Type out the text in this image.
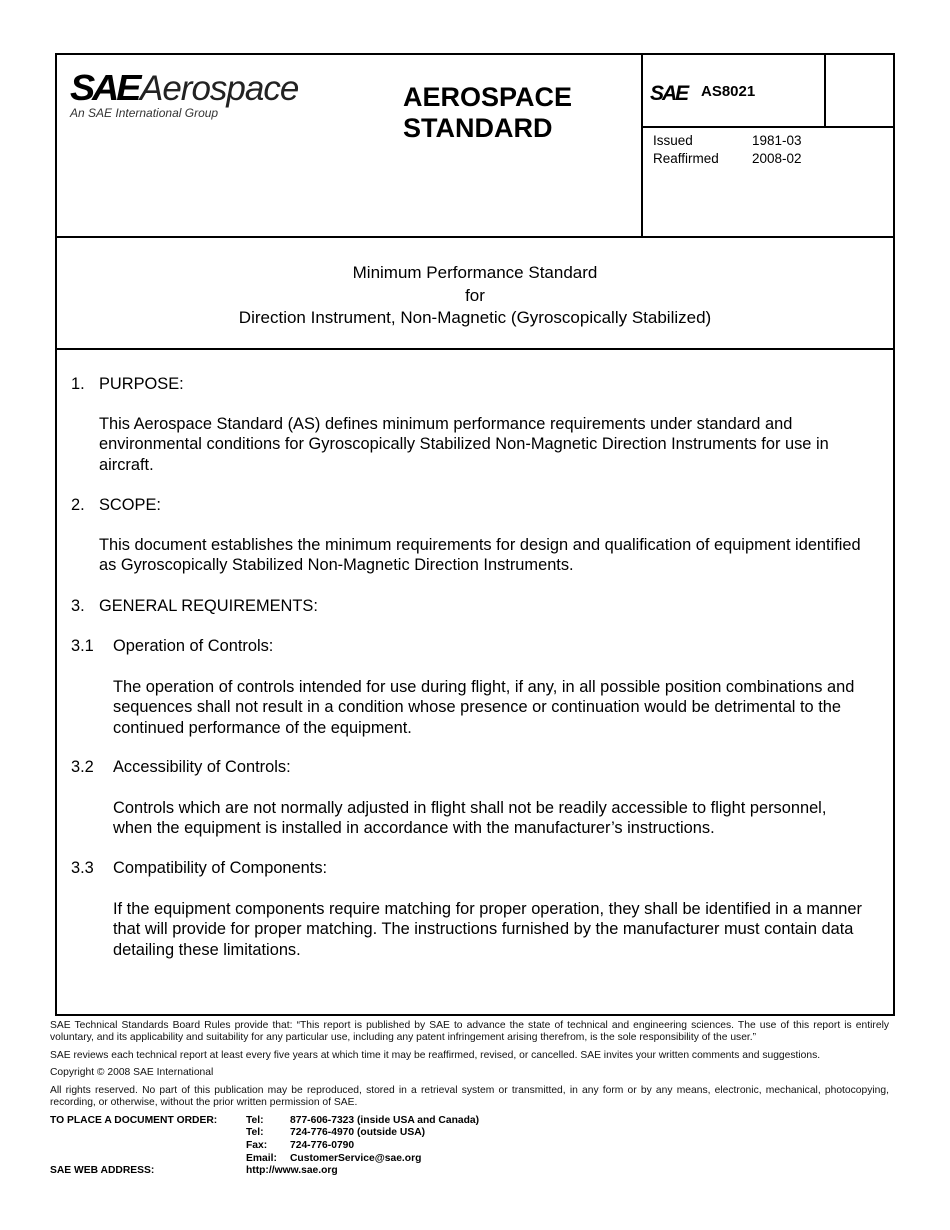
SAE Aerospace
An SAE International Group
AEROSPACE
STANDARD
SAE AS8021
Issued	1981-03
Reaffirmed 2008-02
Minimum Performance Standard
for
Direction Instrument, Non-Magnetic (Gyroscopically Stabilized)
1. PURPOSE:
This Aerospace Standard (AS) defines minimum performance requirements under standard and environmental conditions for Gyroscopically Stabilized Non-Magnetic Direction Instruments for use in aircraft.
2. SCOPE:
This document establishes the minimum requirements for design and qualification of equipment identified as Gyroscopically Stabilized Non-Magnetic Direction Instruments.
3. GENERAL REQUIREMENTS:
3.1 Operation of Controls:
The operation of controls intended for use during flight, if any, in all possible position combinations and sequences shall not result in a condition whose presence or continuation would be detrimental to the continued performance of the equipment.
3.2 Accessibility of Controls:
Controls which are not normally adjusted in flight shall not be readily accessible to flight personnel, when the equipment is installed in accordance with the manufacturer’s instructions.
3.3 Compatibility of Components:
If the equipment components require matching for proper operation, they shall be identified in a manner that will provide for proper matching. The instructions furnished by the manufacturer must contain data detailing these limitations.
SAE Technical Standards Board Rules provide that: “This report is published by SAE to advance the state of technical and engineering sciences. The use of this report is entirely voluntary, and its applicability and suitability for any particular use, including any patent infringement arising therefrom, is the sole responsibility of the user.”
SAE reviews each technical report at least every five years at which time it may be reaffirmed, revised, or cancelled. SAE invites your written comments and suggestions.
Copyright © 2008 SAE International
All rights reserved. No part of this publication may be reproduced, stored in a retrieval system or transmitted, in any form or by any means, electronic, mechanical, photocopying, recording, or otherwise, without the prior written permission of SAE.
TO PLACE A DOCUMENT ORDER:	Tel:	877-606-7323 (inside USA and Canada)
Tel:	724-776-4970 (outside USA)
Fax: 724-776-0790
Email: CustomerService@sae.org
SAE WEB ADDRESS:	http://www.sae.org
